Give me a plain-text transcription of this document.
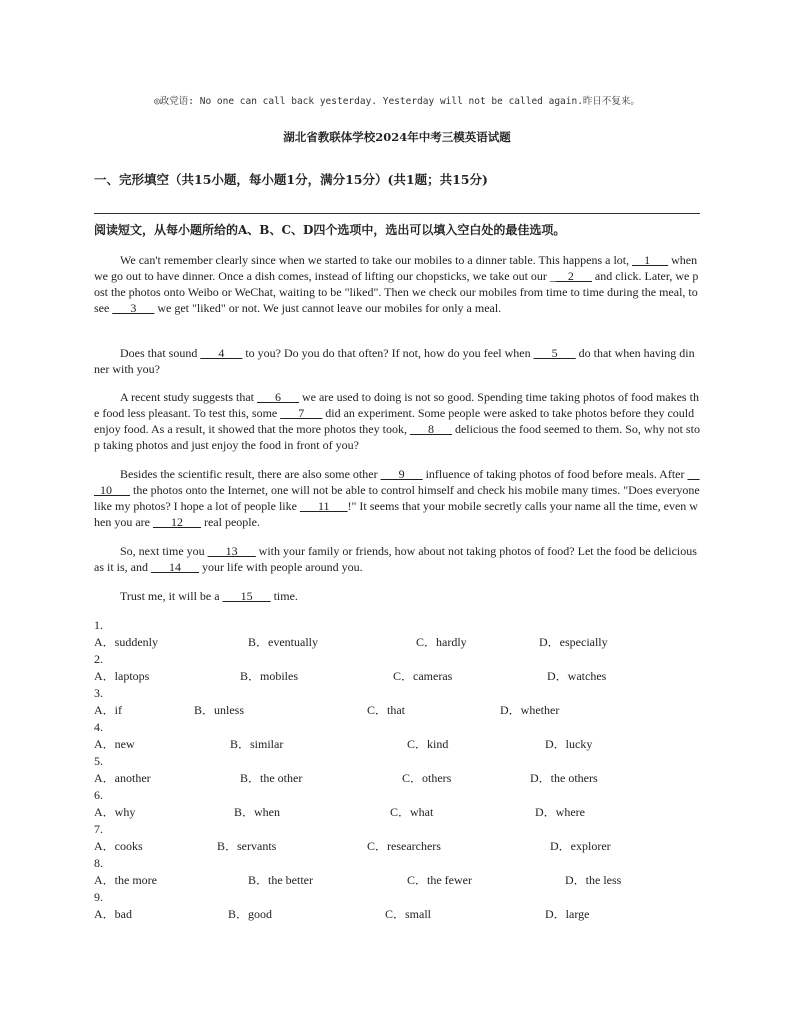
◎政党语: No one can call back yesterday. Yesterday will not be called again.昨日不复来。
湖北省教联体学校2024年中考三模英语试题
一、完形填空（共15小题，每小题1分，满分15分）(共1题；共15分)
阅读短文，从每小题所给的A、B、C、D四个选项中，选出可以填入空白处的最佳选项。

We can't remember clearly since when we started to take our mobiles to a dinner table. This happens a lot, __1___ when we go out to have dinner. Once a dish comes, instead of lifting our chopsticks, we take out our ___2___ and click. Later, we post the photos onto Weibo or WeChat, waiting to be "liked". Then we check our mobiles from time to time during the meal, to see ___3___ we get "liked" or not. We just cannot leave our mobiles for only a meal.

Does that sound ___4___ to you? Do you do that often? If not, how do you feel when ___5___ do that when having dinner with you?

A recent study suggests that ___6___ we are used to doing is not so good. Spending time taking photos of food makes the food less pleasant. To test this, some ___7___ did an experiment. Some people were asked to take photos before they could enjoy food. As a result, it showed that the more photos they took, ___8___ delicious the food seemed to them. So, why not stop taking photos and just enjoy the food in front of you?

Besides the scientific result, there are also some other ___9___ influence of taking photos of food before meals. After ___10___ the photos onto the Internet, one will not be able to control himself and check his mobile many times. "Does everyone like my photos? I hope a lot of people like ___11___!" It seems that your mobile secretly calls your name all the time, even when you are ___12___ real people.

So, next time you ___13___ with your family or friends, how about not taking photos of food? Let the food be delicious as it is, and ___14___ your life with people around you.

Trust me, it will be a ___15___ time.

1.
A．suddenly	B．eventually	C．hardly	D．especially
2.
A．laptops	B．mobiles	C．cameras	D．watches
3.
A．if	B．unless	C．that	D．whether
4.
A．new	B．similar	C．kind	D．lucky
5.
A．another	B．the other	C．others	D．the others
6.
A．why	B．when	C．what	D．where
7.
A．cooks	B．servants	C．researchers	D．explorer
8.
A．the more	B．the better	C．the fewer	D．the less
9.
A．bad	B．good	C．small	D．large
